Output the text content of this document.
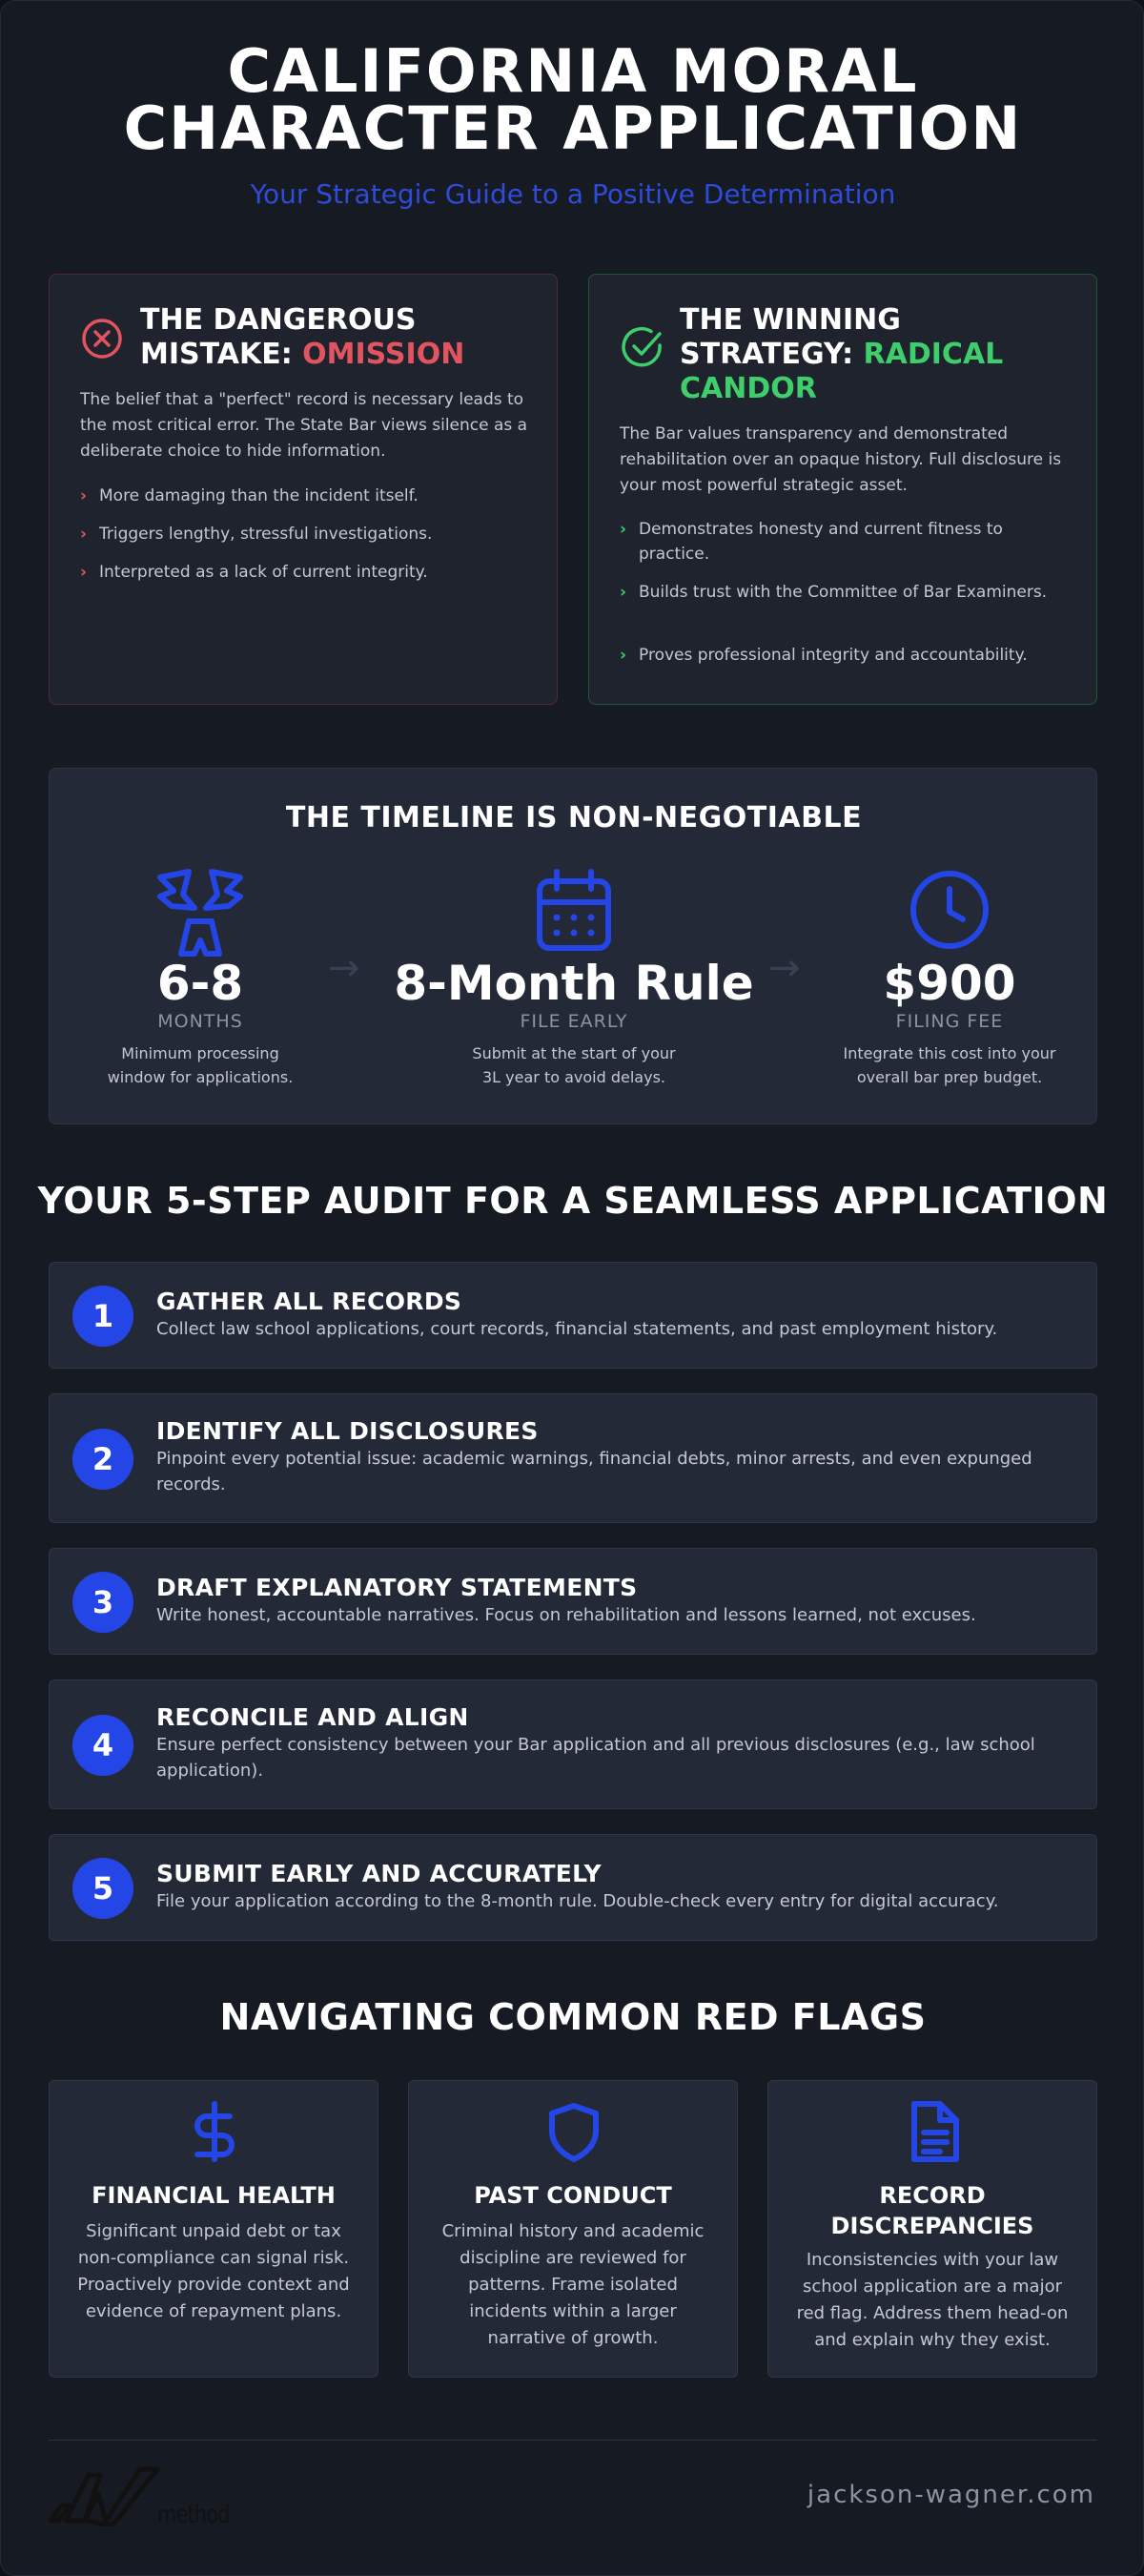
CALIFORNIA MORAL
CHARACTER APPLICATION
Your Strategic Guide to a Positive Determination
THE DANGEROUS
MISTAKE: OMISSION
The belief that a "perfect" record is necessary leads to the most critical error. The State Bar views silence as a deliberate choice to hide information.
› More damaging than the incident itself.
› Triggers lengthy, stressful investigations.
› Interpreted as a lack of current integrity.
THE WINNING
STRATEGY: RADICAL
CANDOR
The Bar values transparency and demonstrated rehabilitation over an opaque history. Full disclosure is your most powerful strategic asset.
› Demonstrates honesty and current fitness to practice.
› Builds trust with the Committee of Bar Examiners.
› Proves professional integrity and accountability.
THE TIMELINE IS NON-NEGOTIABLE
6-8
MONTHS
Minimum processing
window for applications.
→ 8-Month Rule
FILE EARLY
Submit at the start of your
3L year to avoid delays.
→	$900
FILING FEE
Integrate this cost into your
overall bar prep budget.
YOUR 5-STEP AUDIT FOR A SEAMLESS APPLICATION
1	GATHER ALL RECORDS
Collect law school applications, court records, financial statements, and past employment history.
2
IDENTIFY ALL DISCLOSURES
Pinpoint every potential issue: academic warnings, financial debts, minor arrests, and even expunged records.
3	DRAFT EXPLANATORY STATEMENTS
Write honest, accountable narratives. Focus on rehabilitation and lessons learned, not excuses.
4
RECONCILE AND ALIGN
Ensure perfect consistency between your Bar application and all previous disclosures (e.g., law school application).
5	SUBMIT EARLY AND ACCURATELY
File your application according to the 8-month rule. Double-check every entry for digital accuracy.
NAVIGATING COMMON RED FLAGS
FINANCIAL HEALTH
Significant unpaid debt or tax non-compliance can signal risk. Proactively provide context and evidence of repayment plans.
PAST CONDUCT
Criminal history and academic discipline are reviewed for patterns. Frame isolated incidents within a larger narrative of growth.
RECORD
DISCREPANCIES
Inconsistencies with your law school application are a major red flag. Address them head-on and explain why they exist.
method
jackson-wagner.com
